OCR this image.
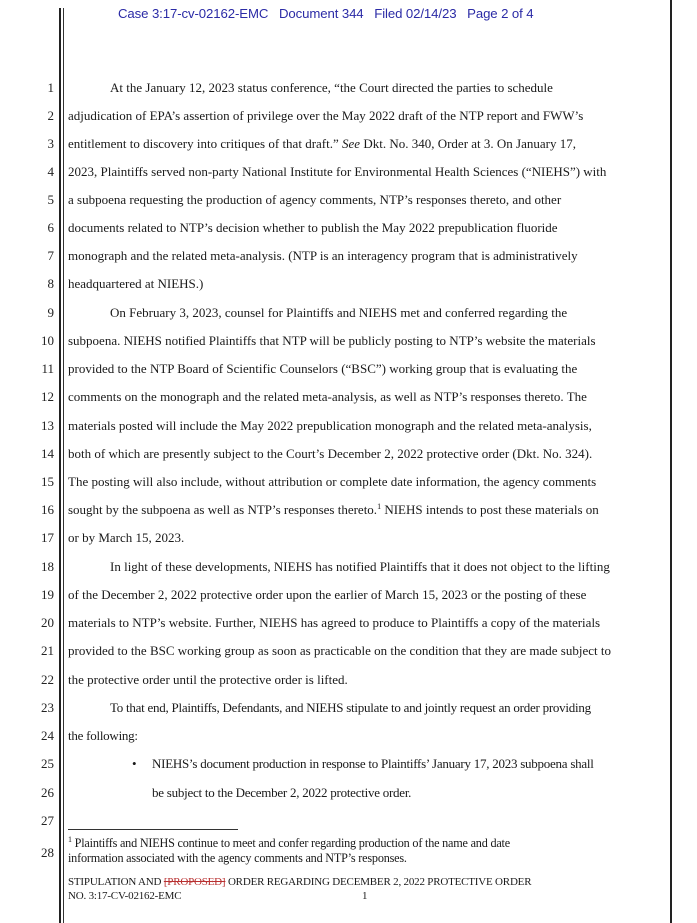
Case 3:17-cv-02162-EMC Document 344 Filed 02/14/23 Page 2 of 4
1
2
3
4
5
6
7
8
9
10
11
12
13
14
15
16
17
18
19
20
21
22
23
24
25
26
27
28
At the January 12, 2023 status conference, “the Court directed the parties to schedule
adjudication of EPA’s assertion of privilege over the May 2022 draft of the NTP report and FWW’s
entitlement to discovery into critiques of that draft.” See Dkt. No. 340, Order at 3. On January 17,
2023, Plaintiffs served non-party National Institute for Environmental Health Sciences (“NIEHS”) with
a subpoena requesting the production of agency comments, NTP’s responses thereto, and other
documents related to NTP’s decision whether to publish the May 2022 prepublication fluoride
monograph and the related meta-analysis. (NTP is an interagency program that is administratively
headquartered at NIEHS.)
On February 3, 2023, counsel for Plaintiffs and NIEHS met and conferred regarding the
subpoena. NIEHS notified Plaintiffs that NTP will be publicly posting to NTP’s website the materials
provided to the NTP Board of Scientific Counselors (“BSC”) working group that is evaluating the
comments on the monograph and the related meta-analysis, as well as NTP’s responses thereto. The
materials posted will include the May 2022 prepublication monograph and the related meta-analysis,
both of which are presently subject to the Court’s December 2, 2022 protective order (Dkt. No. 324).
The posting will also include, without attribution or complete date information, the agency comments
sought by the subpoena as well as NTP’s responses thereto.$^1$ NIEHS intends to post these materials on
or by March 15, 2023.
In light of these developments, NIEHS has notified Plaintiffs that it does not object to the lifting
of the December 2, 2022 protective order upon the earlier of March 15, 2023 or the posting of these
materials to NTP’s website. Further, NIEHS has agreed to produce to Plaintiffs a copy of the materials
provided to the BSC working group as soon as practicable on the condition that they are made subject to
the protective order until the protective order is lifted.
To that end, Plaintiffs, Defendants, and NIEHS stipulate to and jointly request an order providing
the following:
• NIEHS’s document production in response to Plaintiffs’ January 17, 2023 subpoena shall
be subject to the December 2, 2022 protective order.
$^1$ Plaintiffs and NIEHS continue to meet and confer regarding production of the name and date
information associated with the agency comments and NTP’s responses.
STIPULATION AND [PROPOSED] ORDER REGARDING DECEMBER 2, 2022 PROTECTIVE ORDER
NO. 3:17-CV-02162-EMC	1
